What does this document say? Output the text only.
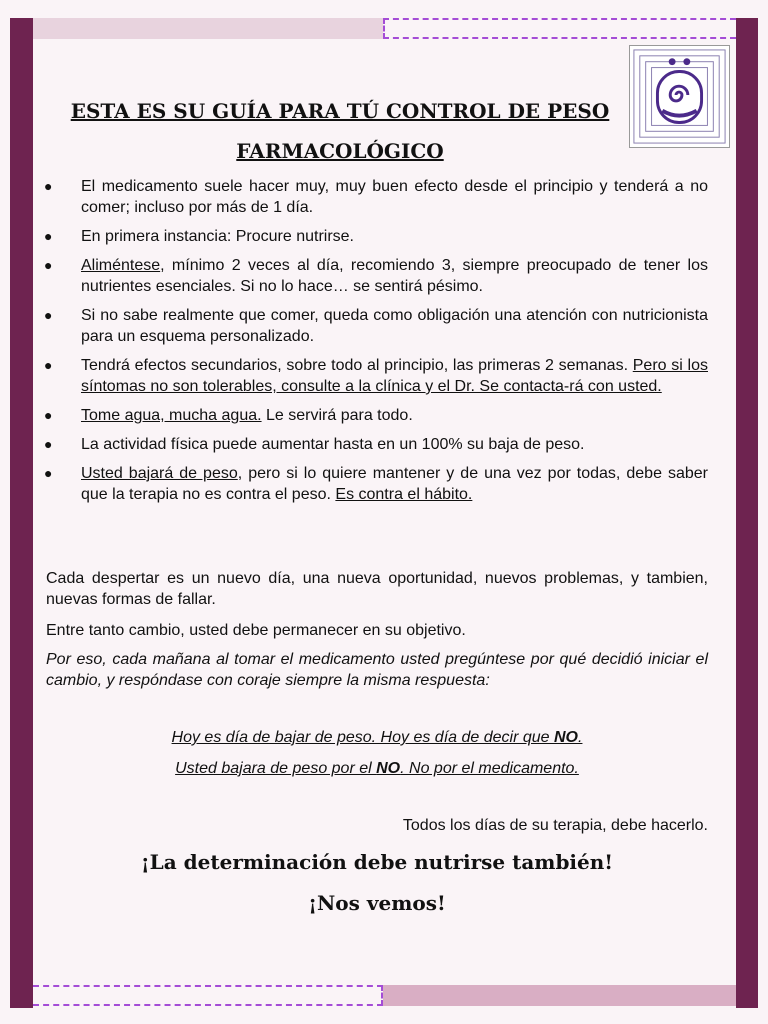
ESTA ES SU GUÍA PARA TÚ CONTROL DE PESO
FARMACOLÓGICO
● El medicamento suele hacer muy, muy buen efecto desde el principio y tenderá a no comer; incluso por más de 1 día.
● En primera instancia: Procure nutrirse.
● Aliméntese, mínimo 2 veces al día, recomiendo 3, siempre preocupado de tener los nutrientes esenciales. Si no lo hace… se sentirá pésimo.
● Si no sabe realmente que comer, queda como obligación una atención con nutricionista para un esquema personalizado.
● Tendrá efectos secundarios, sobre todo al principio, las primeras 2 semanas. Pero si los síntomas no son tolerables, consulte a la clínica y el Dr. Se contacta-rá con usted.
● Tome agua, mucha agua. Le servirá para todo.
● La actividad física puede aumentar hasta en un 100% su baja de peso.
● Usted bajará de peso, pero si lo quiere mantener y de una vez por todas, debe saber que la terapia no es contra el peso. Es contra el hábito.

Cada despertar es un nuevo día, una nueva oportunidad, nuevos problemas, y tambien, nuevas formas de fallar.

Entre tanto cambio, usted debe permanecer en su objetivo.

Por eso, cada mañana al tomar el medicamento usted pregúntese por qué decidió iniciar el cambio, y respóndase con coraje siempre la misma respuesta:

Hoy es día de bajar de peso. Hoy es día de decir que NO.

Usted bajara de peso por el NO. No por el medicamento.

Todos los días de su terapia, debe hacerlo.

¡La determinación debe nutrirse también!

¡Nos vemos!
